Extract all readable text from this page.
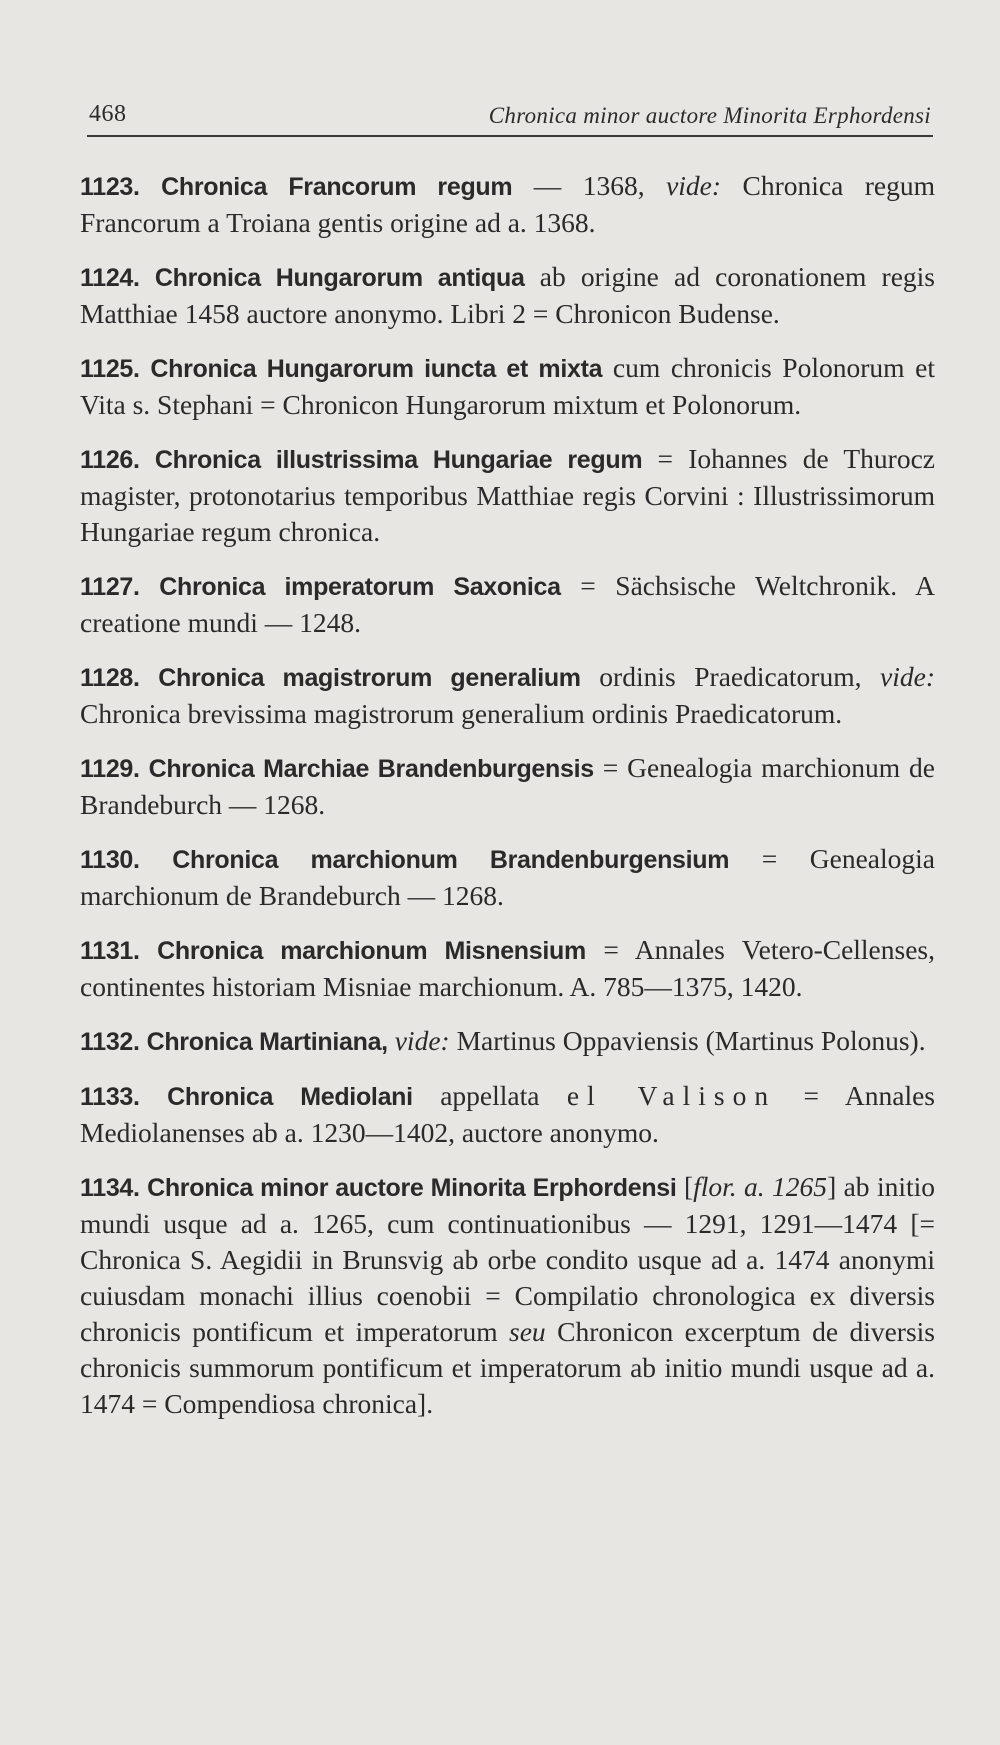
468	Chronica minor auctore Minorita Erphordensi

1123. Chronica Francorum regum — 1368, vide: Chronica regum Francorum a Troiana gentis origine ad a. 1368.

1124. Chronica Hungarorum antiqua ab origine ad coronationem regis Matthiae 1458 auctore anonymo. Libri 2 = Chronicon Budense.

1125. Chronica Hungarorum iuncta et mixta cum chronicis Polonorum et Vita s. Stephani = Chronicon Hungarorum mixtum et Polonorum.

1126. Chronica illustrissima Hungariae regum = Iohannes de Thurocz magister, protonotarius temporibus Matthiae regis Corvini : Illustrissimorum Hungariae regum chronica.

1127. Chronica imperatorum Saxonica = Sächsische Weltchronik. A creatione mundi — 1248.

1128. Chronica magistrorum generalium ordinis Praedicatorum, vide: Chronica brevissima magistrorum generalium ordinis Praedicatorum.

1129. Chronica Marchiae Brandenburgensis = Genealogia marchionum de Brandeburch — 1268.

1130. Chronica marchionum Brandenburgensium = Genealogia marchionum de Brandeburch — 1268.

1131. Chronica marchionum Misnensium = Annales Vetero-Cellenses, continentes historiam Misniae marchionum. A. 785—1375, 1420.

1132. Chronica Martiniana, vide: Martinus Oppaviensis (Martinus Polonus).

1133. Chronica Mediolani appellata el Valison = Annales Mediolanenses ab a. 1230—1402, auctore anonymo.

1134. Chronica minor auctore Minorita Erphordensi [flor. a. 1265] ab initio mundi usque ad a. 1265, cum continuationibus — 1291, 1291—1474 [= Chronica S. Aegidii in Brunsvig ab orbe condito usque ad a. 1474 anonymi cuiusdam monachi illius coenobii = Compilatio chronologica ex diversis chronicis pontificum et imperatorum seu Chronicon excerptum de diversis chronicis summorum pontificum et imperatorum ab initio mundi usque ad a. 1474 = Compendiosa chronica].
